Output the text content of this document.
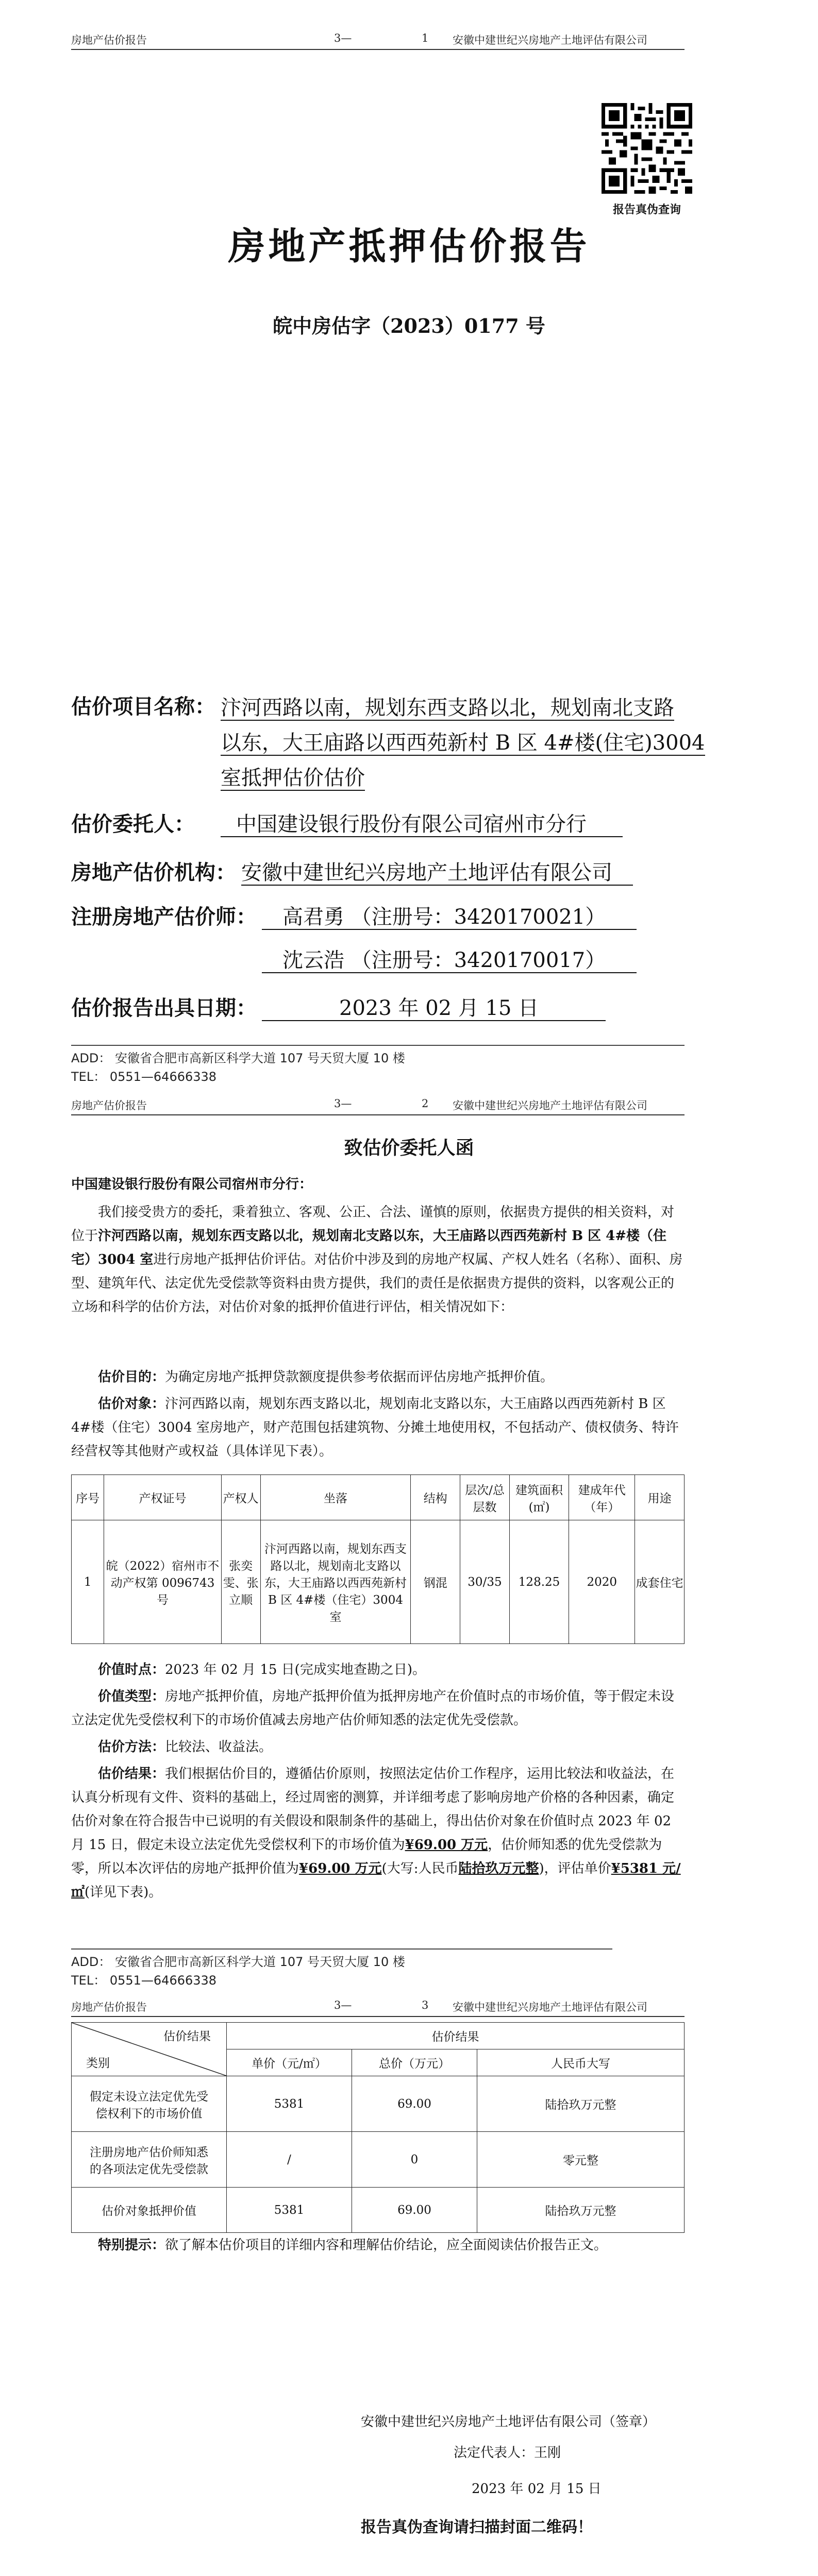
房地产估价报告	3—	1 安徽中建世纪兴房地产土地评估有限公司
报告真伪查询
房地产抵押估价报告
皖中房估字（2023）0177 号
估价项目名称： 汴河西路以南，规划东西支路以北，规划南北支路
以东，大王庙路以西西苑新村 B 区 4#楼(住宅)3004
室抵押估价估价
估价委托人：	中国建设银行股份有限公司宿州市分行
房地产估价机构： 安徽中建世纪兴房地产土地评估有限公司
注册房地产估价师：	高君勇 （注册号：3420170021）
沈云浩 （注册号：3420170017）
估价报告出具日期：	2023 年 02 月 15 日
ADD： 安徽省合肥市高新区科学大道 107 号天贸大厦 10 楼
TEL： 0551—64666338
房地产估价报告	3—	2 安徽中建世纪兴房地产土地评估有限公司
致估价委托人函
中国建设银行股份有限公司宿州市分行：
我们接受贵方的委托，秉着独立、客观、公正、合法、谨慎的原则，依据贵方提供的相关资料，对位于汴河西路以南，规划东西支路以北，规划南北支路以东，大王庙路以西西苑新村 B 区 4#楼（住宅）3004 室进行房地产抵押估价评估。对估价中涉及到的房地产权属、产权人姓名（名称）、面积、房型、建筑年代、法定优先受偿款等资料由贵方提供，我们的责任是依据贵方提供的资料，以客观公正的立场和科学的估价方法，对估价对象的抵押价值进行评估，相关情况如下：
估价目的：为确定房地产抵押贷款额度提供参考依据而评估房地产抵押价值。
估价对象：汴河西路以南，规划东西支路以北，规划南北支路以东，大王庙路以西西苑新村 B 区 4#楼（住宅）3004 室房地产，财产范围包括建筑物、分摊土地使用权，不包括动产、债权债务、特许经营权等其他财产或权益（具体详见下表）。
序号	产权证号	产权人	坐落	结构	层次/总层数	建筑面积(㎡)	建成年代（年）	用途
1	皖（2022）宿州市不动产权第 0096743 号	张奕雯、张立顺	汴河西路以南，规划东西支路以北，规划南北支路以东，大王庙路以西西苑新村 B 区 4#楼（住宅）3004 室	钢混	30/35	128.25	2020	成套住宅
价值时点：2023 年 02 月 15 日(完成实地查勘之日)。
价值类型：房地产抵押价值，房地产抵押价值为抵押房地产在价值时点的市场价值，等于假定未设立法定优先受偿权利下的市场价值减去房地产估价师知悉的法定优先受偿款。
估价方法：比较法、收益法。
估价结果：我们根据估价目的，遵循估价原则，按照法定估价工作程序，运用比较法和收益法，在认真分析现有文件、资料的基础上，经过周密的测算，并详细考虑了影响房地产价格的各种因素，确定估价对象在符合报告中已说明的有关假设和限制条件的基础上，得出估价对象在价值时点 2023 年 02 月 15 日，假定未设立法定优先受偿权利下的市场价值为¥69.00 万元，估价师知悉的优先受偿款为零，所以本次评估的房地产抵押价值为¥69.00 万元(大写:人民币陆拾玖万元整)，评估单价¥5381 元/㎡(详见下表)。
ADD： 安徽省合肥市高新区科学大道 107 号天贸大厦 10 楼
TEL： 0551—64666338
房地产估价报告	3—	3 安徽中建世纪兴房地产土地评估有限公司
估价结果
类别	估价结果		
	单价（元/㎡）	总价（万元）	人民币大写
假定未设立法定优先受偿权利下的市场价值	5381	69.00	陆拾玖万元整
注册房地产估价师知悉的各项法定优先受偿款	/	0	零元整
估价对象抵押价值	5381	69.00	陆拾玖万元整
特别提示：欲了解本估价项目的详细内容和理解估价结论，应全面阅读估价报告正文。
安徽中建世纪兴房地产土地评估有限公司（签章）
法定代表人：王刚
2023 年 02 月 15 日
报告真伪查询请扫描封面二维码！
